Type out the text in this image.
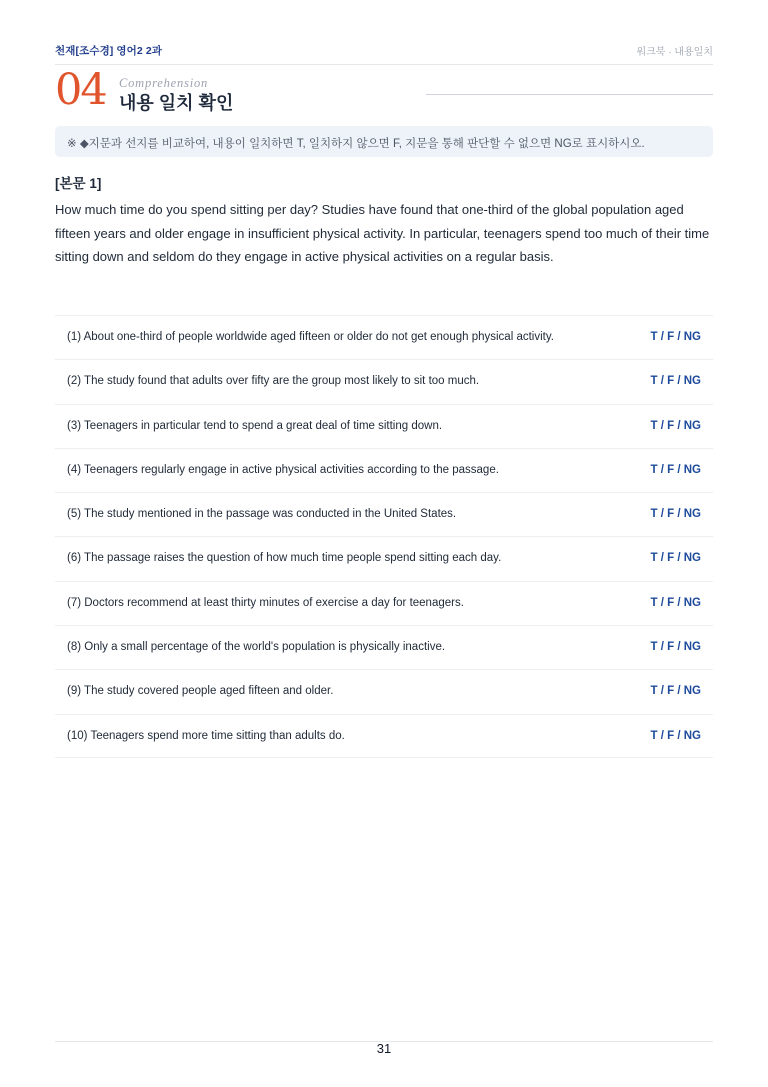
천재[조수경] 영어2 2과	워크북 · 내용일치
04 Comprehension
내용 일치 확인
※ ◆지문과 선지를 비교하여, 내용이 일치하면 T, 일치하지 않으면 F, 지문을 통해 판단할 수 없으면 NG로 표시하시오.
[본문 1]

How much time do you spend sitting per day? Studies have found that one-third of the global population aged fifteen years and older engage in insufficient physical activity. In particular, teenagers spend too much of their time sitting down and seldom do they engage in active physical activities on a regular basis.

(1) About one-third of people worldwide aged fifteen or older do not get enough physical activity.	T / F / NG
(2) The study found that adults over fifty are the group most likely to sit too much.	T / F / NG
(3) Teenagers in particular tend to spend a great deal of time sitting down.	T / F / NG
(4) Teenagers regularly engage in active physical activities according to the passage.	T / F / NG
(5) The study mentioned in the passage was conducted in the United States.	T / F / NG
(6) The passage raises the question of how much time people spend sitting each day.	T / F / NG
(7) Doctors recommend at least thirty minutes of exercise a day for teenagers.	T / F / NG
(8) Only a small percentage of the world's population is physically inactive.	T / F / NG
(9) The study covered people aged fifteen and older.	T / F / NG
(10) Teenagers spend more time sitting than adults do.	T / F / NG
31
